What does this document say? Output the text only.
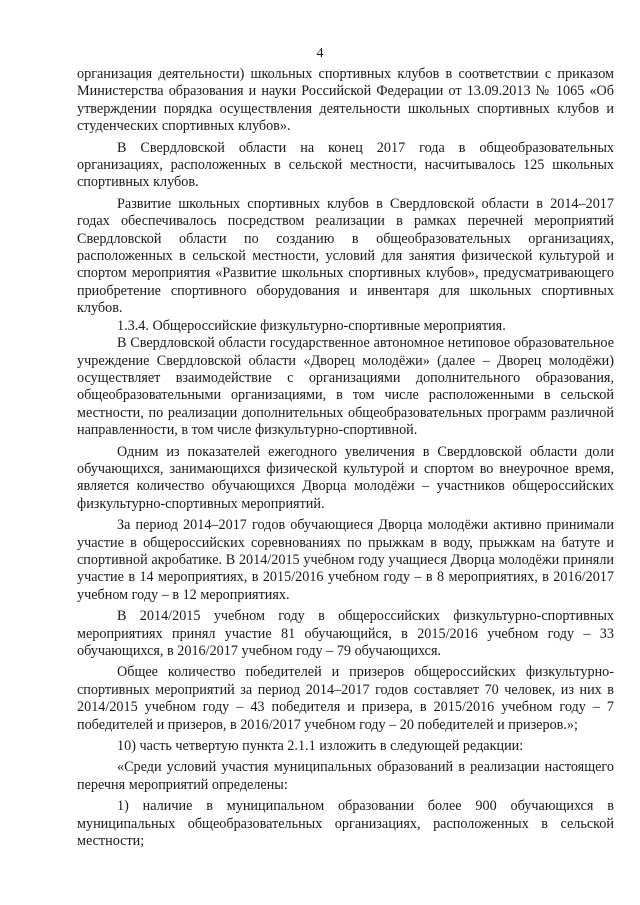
4

организация деятельности) школьных спортивных клубов в соответствии с приказом Министерства образования и науки Российской Федерации от 13.09.2013 № 1065 «Об утверждении порядка осуществления деятельности школьных спортивных клубов и студенческих спортивных клубов».

В Свердловской области на конец 2017 года в общеобразовательных организациях, расположенных в сельской местности, насчитывалось 125 школьных спортивных клубов.

Развитие школьных спортивных клубов в Свердловской области в 2014–2017 годах обеспечивалось посредством реализации в рамках перечней мероприятий Свердловской области по созданию в общеобразовательных организациях, расположенных в сельской местности, условий для занятия физической культурой и спортом мероприятия «Развитие школьных спортивных клубов», предусматривающего приобретение спортивного оборудования и инвентаря для школьных спортивных клубов.

1.3.4. Общероссийские физкультурно-спортивные мероприятия.

В Свердловской области государственное автономное нетиповое образовательное учреждение Свердловской области «Дворец молодёжи» (далее – Дворец молодёжи) осуществляет взаимодействие с организациями дополнительного образования, общеобразовательными организациями, в том числе расположенными в сельской местности, по реализации дополнительных общеобразовательных программ различной направленности, в том числе физкультурно-спортивной.

Одним из показателей ежегодного увеличения в Свердловской области доли обучающихся, занимающихся физической культурой и спортом во внеурочное время, является количество обучающихся Дворца молодёжи – участников общероссийских физкультурно-спортивных мероприятий.

За период 2014–2017 годов обучающиеся Дворца молодёжи активно принимали участие в общероссийских соревнованиях по прыжкам в воду, прыжкам на батуте и спортивной акробатике. В 2014/2015 учебном году учащиеся Дворца молодёжи приняли участие в 14 мероприятиях, в 2015/2016 учебном году – в 8 мероприятиях, в 2016/2017 учебном году – в 12 мероприятиях.

В 2014/2015 учебном году в общероссийских физкультурно-спортивных мероприятиях принял участие 81 обучающийся, в 2015/2016 учебном году – 33 обучающихся, в 2016/2017 учебном году – 79 обучающихся.

Общее количество победителей и призеров общероссийских физкультурно-спортивных мероприятий за период 2014–2017 годов составляет 70 человек, из них в 2014/2015 учебном году – 43 победителя и призера, в 2015/2016 учебном году – 7 победителей и призеров, в 2016/2017 учебном году – 20 победителей и призеров.»;

10) часть четвертую пункта 2.1.1 изложить в следующей редакции:

«Среди условий участия муниципальных образований в реализации настоящего перечня мероприятий определены:

1) наличие в муниципальном образовании более 900 обучающихся в муниципальных общеобразовательных организациях, расположенных в сельской местности;
